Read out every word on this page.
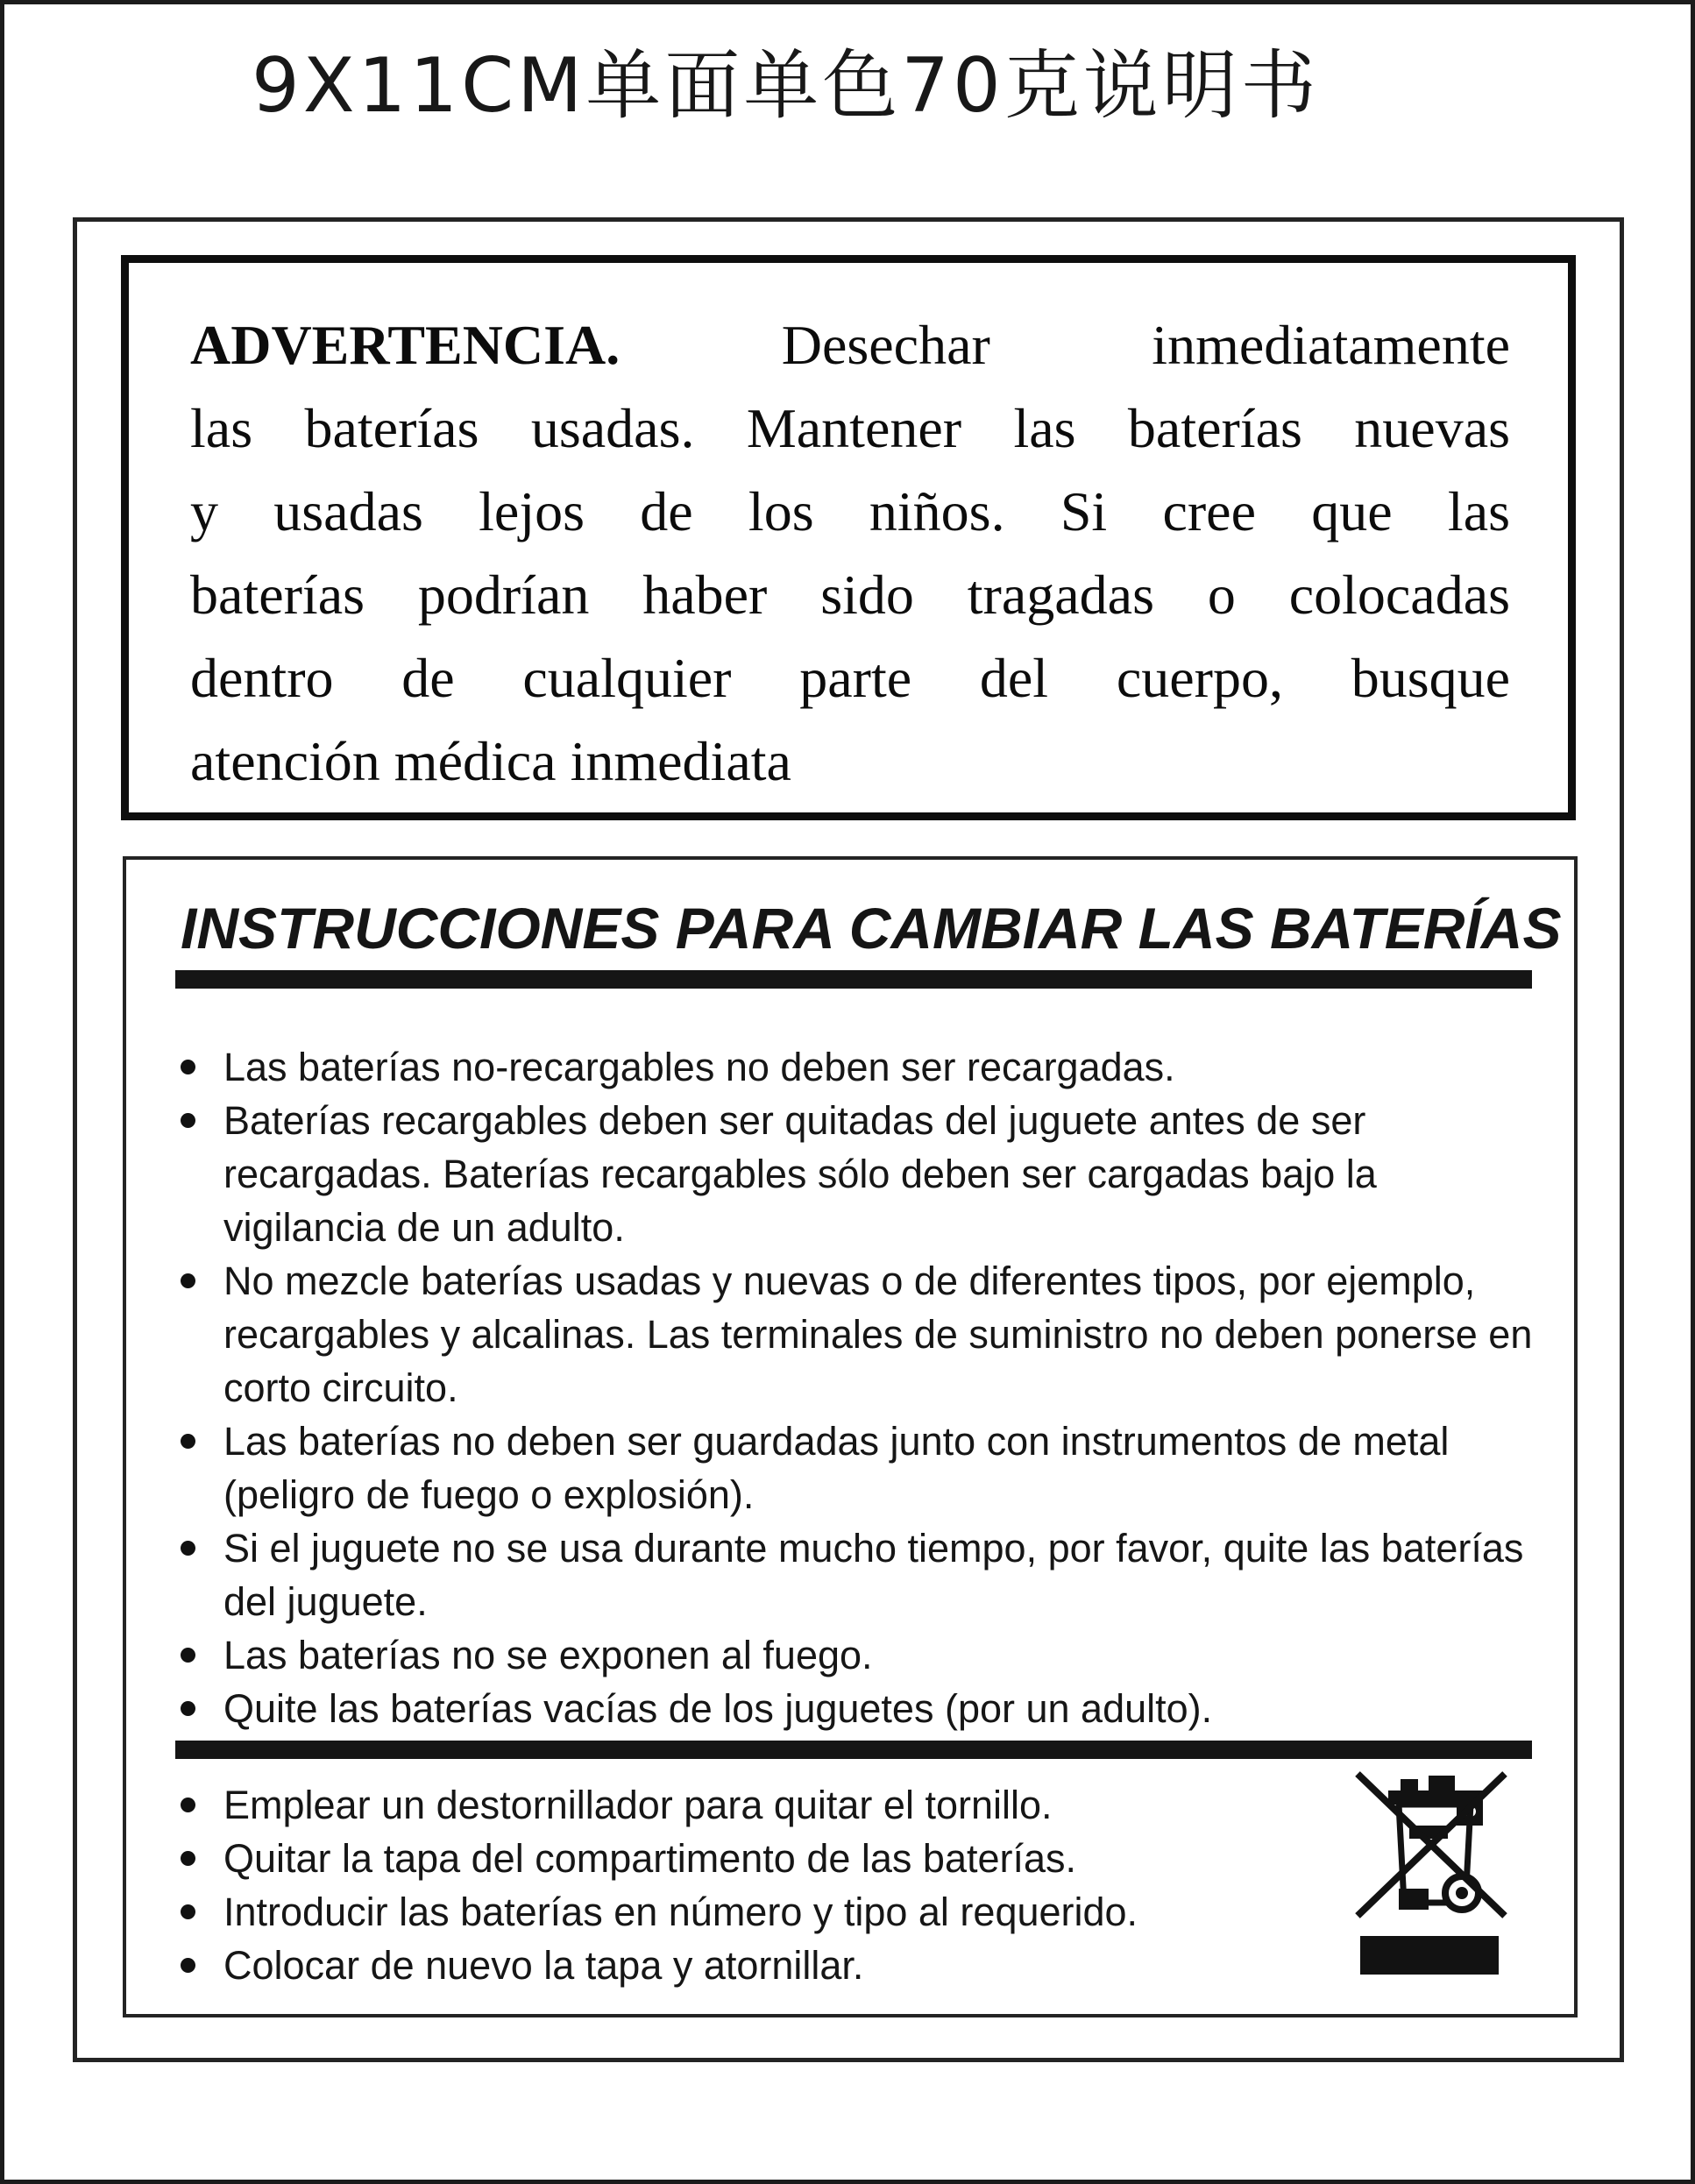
9X11CM单面单色70克说明书
ADVERTENCIA.	Desechar inmediatamente
las baterías usadas. Mantener las baterías nuevas
y usadas lejos de los niños. Si cree que las
baterías podrían haber sido tragadas o colocadas
dentro de cualquier parte del cuerpo, busque
atención médica inmediata
INSTRUCCIONES PARA CAMBIAR LAS BATERÍAS
Las baterías no-recargables no deben ser recargadas.
Baterías recargables deben ser quitadas del juguete antes de ser recargadas. Baterías recargables sólo deben ser cargadas bajo la vigilancia de un adulto.
No mezcle baterías usadas y nuevas o de diferentes tipos, por ejemplo, recargables y alcalinas. Las terminales de suministro no deben ponerse en corto circuito.
Las baterías no deben ser guardadas junto con instrumentos de metal (peligro de fuego o explosión).
Si el juguete no se usa durante mucho tiempo, por favor, quite las baterías del juguete.
Las baterías no se exponen al fuego.
Quite las baterías vacías de los juguetes (por un adulto).
Emplear un destornillador para quitar el tornillo.
Quitar la tapa del compartimento de las baterías.
Introducir las baterías en número y tipo al requerido.
Colocar de nuevo la tapa y atornillar.
